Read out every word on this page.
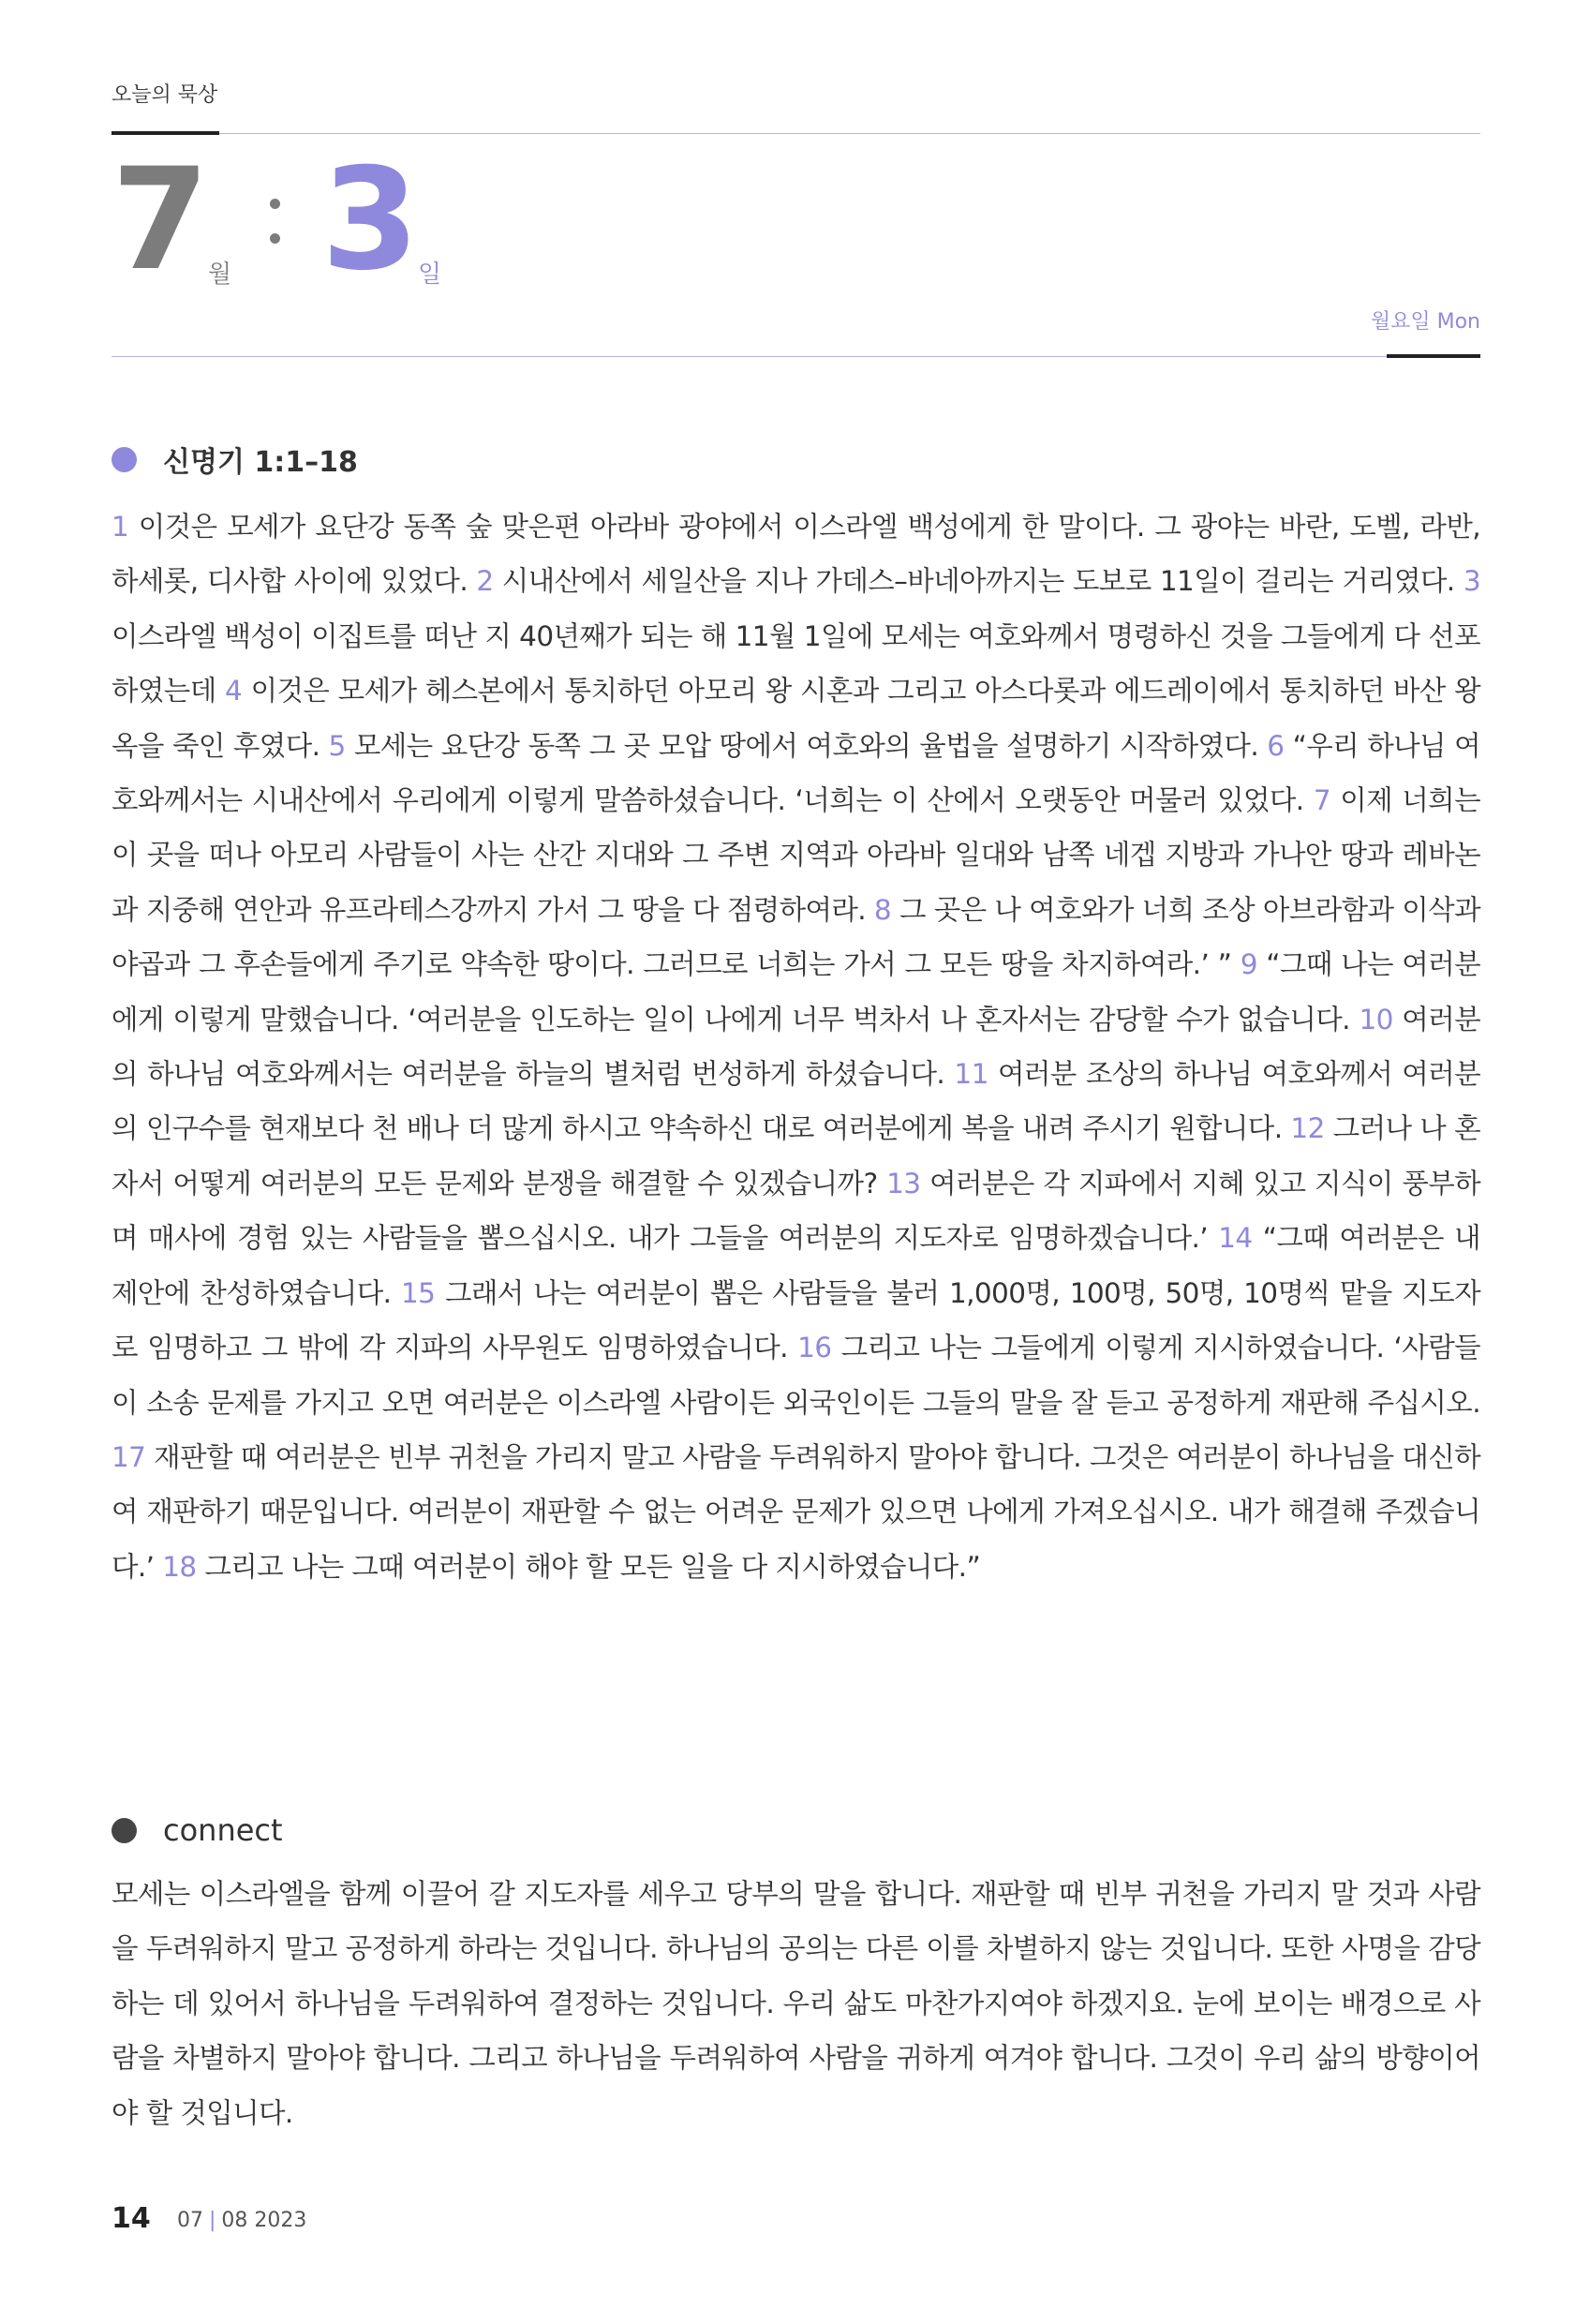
오늘의 묵상
7
월 3
일
월요일 Mon
신명기 1:1–18
1 이것은 모세가 요단강 동쪽 숲 맞은편 아라바 광야에서 이스라엘 백성에게 한 말이다. 그 광야는 바란, 도벨, 라반, 하세롯, 디사합 사이에 있었다. 2 시내산에서 세일산을 지나 가데스–바네아까지는 도보로 11일이 걸리는 거리였다. 3 이스라엘 백성이 이집트를 떠난 지 40년째가 되는 해 11월 1일에 모세는 여호와께서 명령하신 것을 그들에게 다 선포하였는데 4 이것은 모세가 헤스본에서 통치하던 아모리 왕 시혼과 그리고 아스다롯과 에드레이에서 통치하던 바산 왕 옥을 죽인 후였다. 5 모세는 요단강 동쪽 그 곳 모압 땅에서 여호와의 율법을 설명하기 시작하였다. 6 “우리 하나님 여호와께서는 시내산에서 우리에게 이렇게 말씀하셨습니다. ‘너희는 이 산에서 오랫동안 머물러 있었다. 7 이제 너희는 이 곳을 떠나 아모리 사람들이 사는 산간 지대와 그 주변 지역과 아라바 일대와 남쪽 네겝 지방과 가나안 땅과 레바논과 지중해 연안과 유프라테스강까지 가서 그 땅을 다 점령하여라. 8 그 곳은 나 여호와가 너희 조상 아브라함과 이삭과 야곱과 그 후손들에게 주기로 약속한 땅이다. 그러므로 너희는 가서 그 모든 땅을 차지하여라.’ ” 9 “그때 나는 여러분에게 이렇게 말했습니다. ‘여러분을 인도하는 일이 나에게 너무 벅차서 나 혼자서는 감당할 수가 없습니다. 10 여러분의 하나님 여호와께서는 여러분을 하늘의 별처럼 번성하게 하셨습니다. 11 여러분 조상의 하나님 여호와께서 여러분의 인구수를 현재보다 천 배나 더 많게 하시고 약속하신 대로 여러분에게 복을 내려 주시기 원합니다. 12 그러나 나 혼자서 어떻게 여러분의 모든 문제와 분쟁을 해결할 수 있겠습니까? 13 여러분은 각 지파에서 지혜 있고 지식이 풍부하며 매사에 경험 있는 사람들을 뽑으십시오. 내가 그들을 여러분의 지도자로 임명하겠습니다.’ 14 “그때 여러분은 내 제안에 찬성하였습니다. 15 그래서 나는 여러분이 뽑은 사람들을 불러 1,000명, 100명, 50명, 10명씩 맡을 지도자로 임명하고 그 밖에 각 지파의 사무원도 임명하였습니다. 16 그리고 나는 그들에게 이렇게 지시하였습니다. ‘사람들이 소송 문제를 가지고 오면 여러분은 이스라엘 사람이든 외국인이든 그들의 말을 잘 듣고 공정하게 재판해 주십시오. 17 재판할 때 여러분은 빈부 귀천을 가리지 말고 사람을 두려워하지 말아야 합니다. 그것은 여러분이 하나님을 대신하여 재판하기 때문입니다. 여러분이 재판할 수 없는 어려운 문제가 있으면 나에게 가져오십시오. 내가 해결해 주겠습니다.’ 18 그리고 나는 그때 여러분이 해야 할 모든 일을 다 지시하였습니다.”
connect
모세는 이스라엘을 함께 이끌어 갈 지도자를 세우고 당부의 말을 합니다. 재판할 때 빈부 귀천을 가리지 말 것과 사람을 두려워하지 말고 공정하게 하라는 것입니다. 하나님의 공의는 다른 이를 차별하지 않는 것입니다. 또한 사명을 감당하는 데 있어서 하나님을 두려워하여 결정하는 것입니다. 우리 삶도 마찬가지여야 하겠지요. 눈에 보이는 배경으로 사람을 차별하지 말아야 합니다. 그리고 하나님을 두려워하여 사람을 귀하게 여겨야 합니다. 그것이 우리 삶의 방향이어야 할 것입니다.
14 07 | 08 2023
